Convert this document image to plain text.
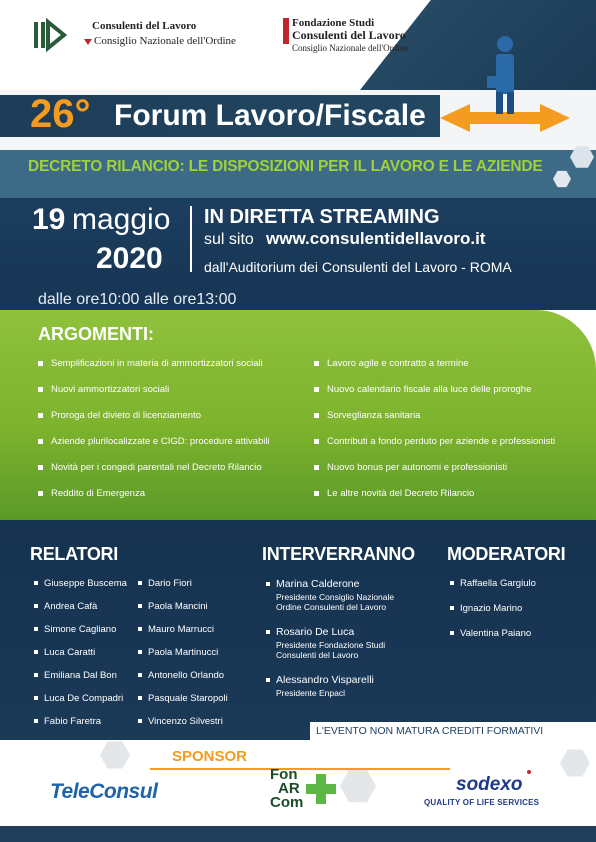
Consulenti del Lavoro
Consiglio Nazionale dell'Ordine
Fondazione Studi
Consulenti del Lavoro
Consiglio Nazionale dell'Ordine
26° Forum Lavoro/Fiscale
DECRETO RILANCIO: LE DISPOSIZIONI PER IL LAVORO E LE AZIENDE
19 maggio
2020
IN DIRETTA STREAMING
sul sito www.consulentidellavoro.it
dall'Auditorium dei Consulenti del Lavoro - ROMA
dalle ore10:00 alle ore13:00
ARGOMENTI:
Semplificazioni in materia di ammortizzatori sociali
Nuovi ammortizzatori sociali
Proroga del divieto di licenziamento
Aziende plurilocalizzate e CIGD: procedure attivabili
Novità per i congedi parentali nel Decreto Rilancio
Reddito di Emergenza
Lavoro agile e contratto a termine
Nuovo calendario fiscale alla luce delle proroghe
Sorveglianza sanitaria
Contributi a fondo perduto per aziende e professionisti
Nuovo bonus per autonomi e professionisti
Le altre novità del Decreto Rilancio
RELATORI
Giuseppe Buscema
Andrea Cafà
Simone Cagliano
Luca Caratti
Emiliana Dal Bon
Luca De Compadri
Fabio Faretra
Dario Fiori
Paola Mancini
Mauro Marrucci
Paola Martinucci
Antonello Orlando
Pasquale Staropoli
Vincenzo Silvestri
INTERVERRANNO
Marina Calderone
Presidente Consiglio Nazionale
Ordine Consulenti del Lavoro
Rosario De Luca
Presidente Fondazione Studi
Consulenti del Lavoro
Alessandro Visparelli
Presidente Enpacl
MODERATORI
Raffaella Gargiulo
Ignazio Marino
Valentina Paiano
L'EVENTO NON MATURA CREDITI FORMATIVI
SPONSOR
TeleConsul
Fon
AR
Com
sodexo
QUALITY OF LIFE SERVICES
